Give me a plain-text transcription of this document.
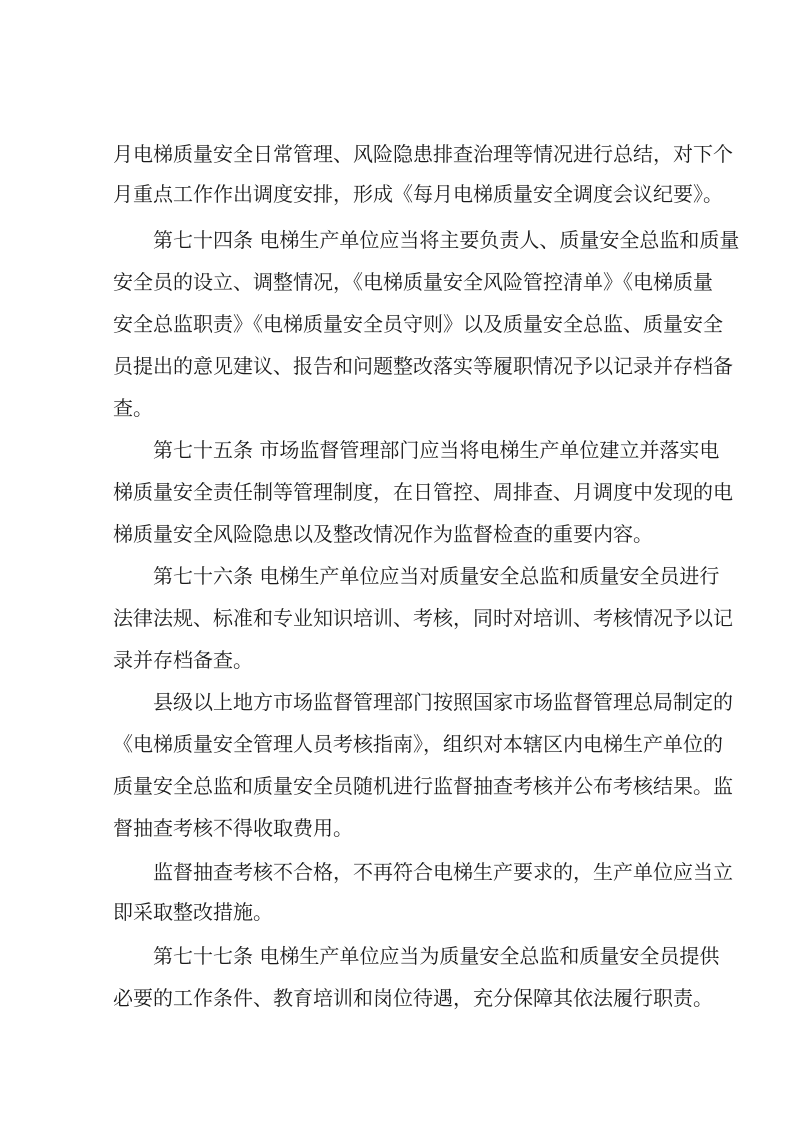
月电梯质量安全日常管理、风险隐患排查治理等情况进行总结，对下个
月重点工作作出调度安排，形成《每月电梯质量安全调度会议纪要》。
第七十四条 电梯生产单位应当将主要负责人、质量安全总监和质量
安全员的设立、调整情况，《电梯质量安全风险管控清单》《电梯质量
安全总监职责》《电梯质量安全员守则》以及质量安全总监、质量安全
员提出的意见建议、报告和问题整改落实等履职情况予以记录并存档备
查。
第七十五条 市场监督管理部门应当将电梯生产单位建立并落实电
梯质量安全责任制等管理制度，在日管控、周排查、月调度中发现的电
梯质量安全风险隐患以及整改情况作为监督检查的重要内容。
第七十六条 电梯生产单位应当对质量安全总监和质量安全员进行
法律法规、标准和专业知识培训、考核，同时对培训、考核情况予以记
录并存档备查。
县级以上地方市场监督管理部门按照国家市场监督管理总局制定的
《电梯质量安全管理人员考核指南》，组织对本辖区内电梯生产单位的
质量安全总监和质量安全员随机进行监督抽查考核并公布考核结果。监
督抽查考核不得收取费用。
监督抽查考核不合格，不再符合电梯生产要求的，生产单位应当立
即采取整改措施。
第七十七条 电梯生产单位应当为质量安全总监和质量安全员提供
必要的工作条件、教育培训和岗位待遇，充分保障其依法履行职责。
